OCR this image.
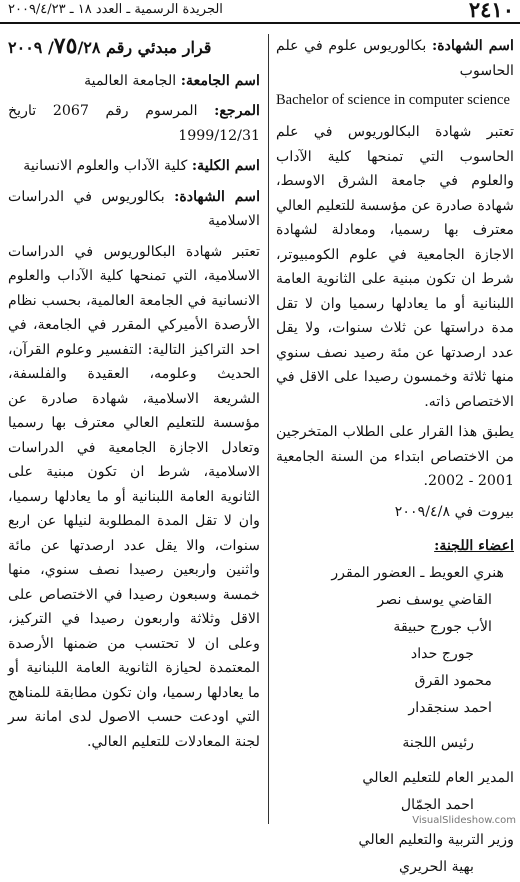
٢٤١٠
الجريدة الرسمية ـ العدد ١٨ ـ ٢٠٠٩/٤/٢٣

اسم الشهادة: بكالوريوس علوم في علم الحاسوب

Bachelor of science in computer science

تعتبر شهادة البكالوريوس في علم الحاسوب التي تمنحها كلية الآداب والعلوم في جامعة الشرق الاوسط، شهادة صادرة عن مؤسسة للتعليم العالي معترف بها رسميا، ومعادلة لشهادة الاجازة الجامعية في علوم الكومبيوتر، شرط ان تكون مبنية على الثانوية العامة اللبنانية أو ما يعادلها رسميا وان لا تقل مدة دراستها عن ثلاث سنوات، ولا يقل عدد ارصدتها عن مئة رصيد نصف سنوي منها ثلاثة وخمسون رصيدا على الاقل في الاختصاص ذاته.

يطبق هذا القرار على الطلاب المتخرجين من الاختصاص ابتداء من السنة الجامعية 2001 - 2002.

بيروت في ٢٠٠٩/٤/٨

اعضاء اللجنة:
هنري العويط ـ العضور المقرر
القاضي يوسف نصر
الأب جورج حبيقة
جورج حداد
محمود القرق
احمد سنجقدار
رئيس اللجنة
المدير العام للتعليم العالي
احمد الجمّال
وزير التربية والتعليم العالي
بهية الحريري
قرار مبدئي رقم ٧٥/٢٨/ ٢٠٠٩

اسم الجامعة: الجامعة العالمية

المرجع: المرسوم رقم 2067 تاريخ 1999/12/31

اسم الكلية: كلية الآداب والعلوم الانسانية

اسم الشهادة: بكالوريوس في الدراسات الاسلامية

تعتبر شهادة البكالوريوس في الدراسات الاسلامية، التي تمنحها كلية الآداب والعلوم الانسانية في الجامعة العالمية، بحسب نظام الأرصدة الأميركي المقرر في الجامعة، في احد التراكيز التالية: التفسير وعلوم القرآن، الحديث وعلومه، العقيدة والفلسفة، الشريعة الاسلامية، شهادة صادرة عن مؤسسة للتعليم العالي معترف بها رسميا وتعادل الاجازة الجامعية في الدراسات الاسلامية، شرط ان تكون مبنية على الثانوية العامة اللبنانية أو ما يعادلها رسميا، وان لا تقل المدة المطلوبة لنيلها عن اربع سنوات، والا يقل عدد ارصدتها عن مائة واثنين واربعين رصيدا نصف سنوي، منها خمسة وسبعون رصيدا في الاختصاص على الاقل وثلاثة واربعون رصيدا في التركيز، وعلى ان لا تحتسب من ضمنها الأرصدة المعتمدة لحيازة الثانوية العامة اللبنانية أو ما يعادلها رسميا، وان تكون مطابقة للمناهج التي اودعت حسب الاصول لدى امانة سر لجنة المعادلات للتعليم العالي.

VisualSlideshow.com
